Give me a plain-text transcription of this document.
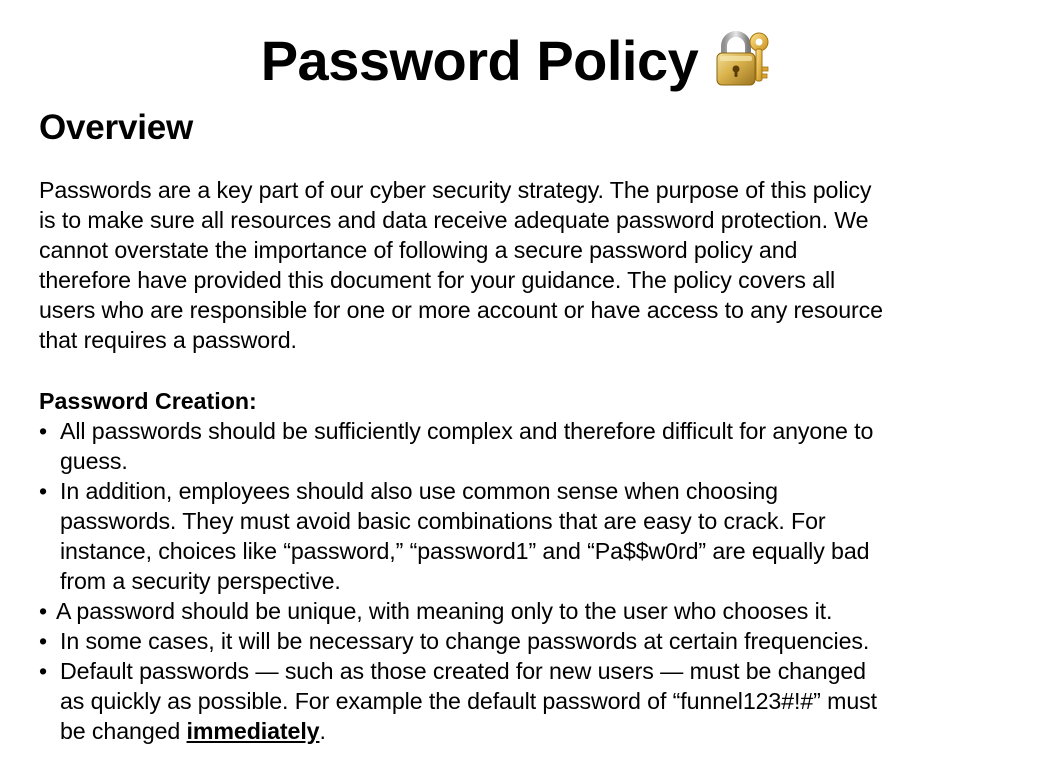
Password Policy
Overview
Passwords are a key part of our cyber security strategy. The purpose of this policy
is to make sure all resources and data receive adequate password protection. We
cannot overstate the importance of following a secure password policy and
therefore have provided this document for your guidance. The policy covers all
users who are responsible for one or more account or have access to any resource
that requires a password.
Password Creation:
• All passwords should be sufficiently complex and therefore difficult for anyone to
guess.
• In addition, employees should also use common sense when choosing
passwords. They must avoid basic combinations that are easy to crack. For
instance, choices like “password,” “password1” and “Pa$$w0rd” are equally bad
from a security perspective.
• A password should be unique, with meaning only to the user who chooses it.
• In some cases, it will be necessary to change passwords at certain frequencies.
• Default passwords — such as those created for new users — must be changed
as quickly as possible. For example the default password of “funnel123#!#” must
be changed immediately.
